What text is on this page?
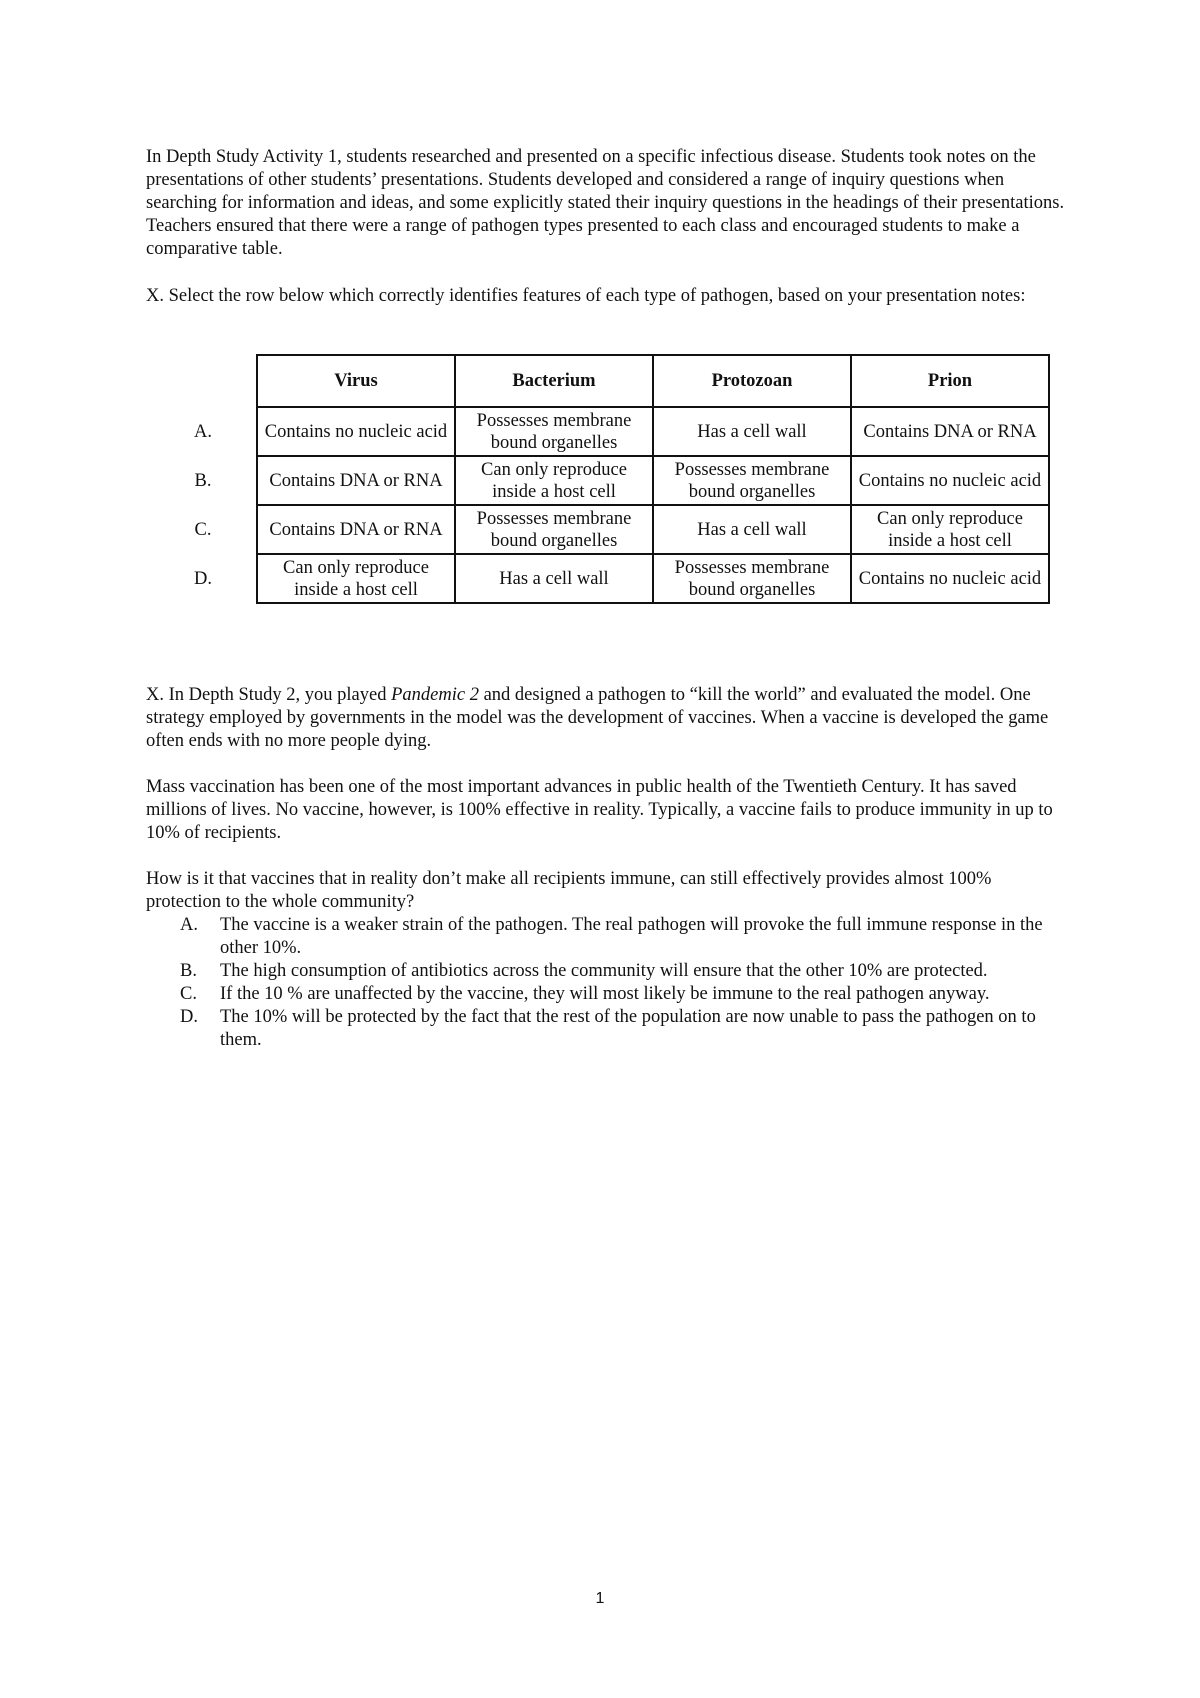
In Depth Study Activity 1, students researched and presented on a specific infectious disease. Students took notes on the presentations of other students’ presentations. Students developed and considered a range of inquiry questions when searching for information and ideas, and some explicitly stated their inquiry questions in the headings of their presentations. Teachers ensured that there were a range of pathogen types presented to each class and encouraged students to make a comparative table.

X. Select the row below which correctly identifies features of each type of pathogen, based on your presentation notes:

	Virus	Bacterium	Protozoan	Prion
A.	Contains no nucleic acid	Possesses membrane bound organelles	Has a cell wall	Contains DNA or RNA
B.	Contains DNA or RNA	Can only reproduce inside a host cell	Possesses membrane bound organelles	Contains no nucleic acid
C.	Contains DNA or RNA	Possesses membrane bound organelles	Has a cell wall	Can only reproduce inside a host cell
D.	Can only reproduce inside a host cell	Has a cell wall	Possesses membrane bound organelles	Contains no nucleic acid

X. In Depth Study 2, you played Pandemic 2 and designed a pathogen to “kill the world” and evaluated the model. One strategy employed by governments in the model was the development of vaccines. When a vaccine is developed the game often ends with no more people dying.

Mass vaccination has been one of the most important advances in public health of the Twentieth Century. It has saved millions of lives. No vaccine, however, is 100% effective in reality. Typically, a vaccine fails to produce immunity in up to 10% of recipients.

How is it that vaccines that in reality don’t make all recipients immune, can still effectively provides almost 100% protection to the whole community?

A. The vaccine is a weaker strain of the pathogen. The real pathogen will provoke the full immune response in the other 10%.
B. The high consumption of antibiotics across the community will ensure that the other 10% are protected.
C. If the 10 % are unaffected by the vaccine, they will most likely be immune to the real pathogen anyway.
D. The 10% will be protected by the fact that the rest of the population are now unable to pass the pathogen on to them.
1
